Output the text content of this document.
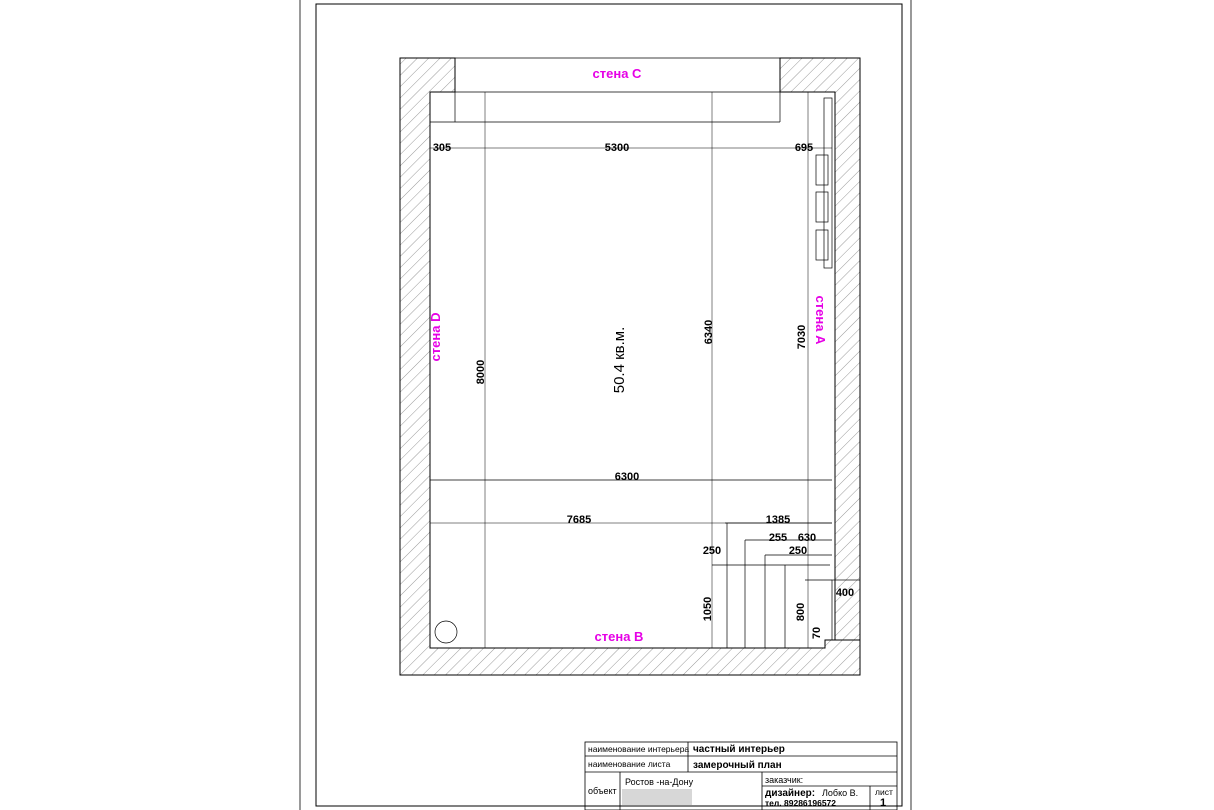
стена C
стена B
стена D	стена A
50.4 кв.м.
305	5300	695
8000
6340	7030
6300
7685	1385
255 630
250	250
400
1050	800
70
наименование интерьера частный интерьер
наименование листа замерочный план
объект
Ростов -на-Дону	заказчик:
дизайнер: Лобко В.
тел. 89286196572
лист
1
